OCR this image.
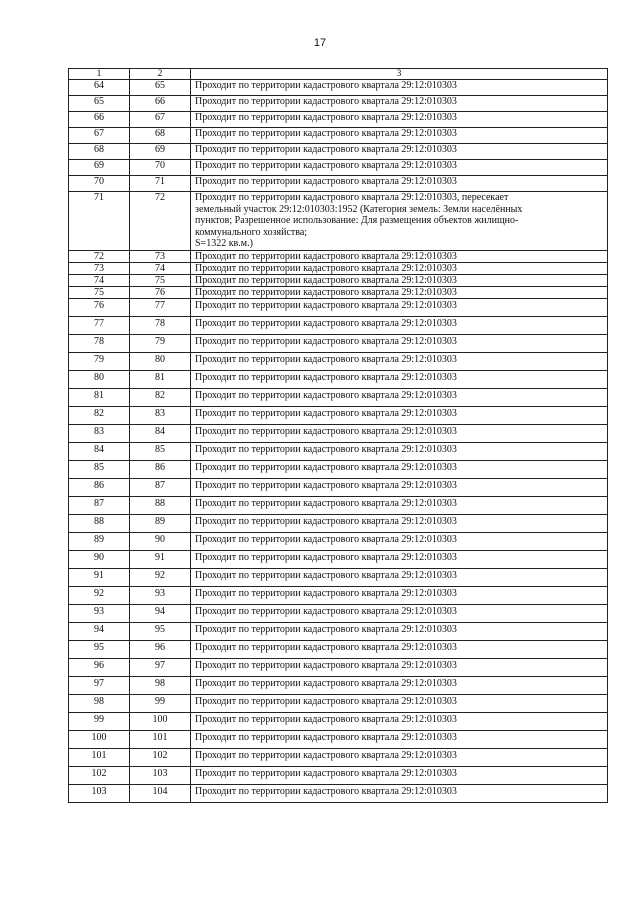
17
1	2	3
64	65	Проходит по территории кадастрового квартала 29:12:010303

65	66	Проходит по территории кадастрового квартала 29:12:010303

66	67	Проходит по территории кадастрового квартала 29:12:010303

67	68	Проходит по территории кадастрового квартала 29:12:010303

68	69	Проходит по территории кадастрового квартала 29:12:010303

69	70	Проходит по территории кадастрового квартала 29:12:010303

70	71	Проходит по территории кадастрового квартала 29:12:010303

71	72	Проходит по территории кадастрового квартала 29:12:010303, пересекает
земельный участок 29:12:010303:1952 (Категория земель: Земли населённых
пунктов; Разрешенное использование: Для размещения объектов жилищно-
коммунального хозяйства;
S=1322 кв.м.)

72	73	Проходит по территории кадастрового квартала 29:12:010303

73	74	Проходит по территории кадастрового квартала 29:12:010303

74	75	Проходит по территории кадастрового квартала 29:12:010303

75	76	Проходит по территории кадастрового квартала 29:12:010303

76	77	Проходит по территории кадастрового квартала 29:12:010303

77	78	Проходит по территории кадастрового квартала 29:12:010303

78	79	Проходит по территории кадастрового квартала 29:12:010303

79	80	Проходит по территории кадастрового квартала 29:12:010303

80	81	Проходит по территории кадастрового квартала 29:12:010303

81	82	Проходит по территории кадастрового квартала 29:12:010303

82	83	Проходит по территории кадастрового квартала 29:12:010303

83	84	Проходит по территории кадастрового квартала 29:12:010303

84	85	Проходит по территории кадастрового квартала 29:12:010303

85	86	Проходит по территории кадастрового квартала 29:12:010303

86	87	Проходит по территории кадастрового квартала 29:12:010303

87	88	Проходит по территории кадастрового квартала 29:12:010303

88	89	Проходит по территории кадастрового квартала 29:12:010303

89	90	Проходит по территории кадастрового квартала 29:12:010303

90	91	Проходит по территории кадастрового квартала 29:12:010303

91	92	Проходит по территории кадастрового квартала 29:12:010303

92	93	Проходит по территории кадастрового квартала 29:12:010303

93	94	Проходит по территории кадастрового квартала 29:12:010303

94	95	Проходит по территории кадастрового квартала 29:12:010303

95	96	Проходит по территории кадастрового квартала 29:12:010303

96	97	Проходит по территории кадастрового квартала 29:12:010303

97	98	Проходит по территории кадастрового квартала 29:12:010303

98	99	Проходит по территории кадастрового квартала 29:12:010303

99	100	Проходит по территории кадастрового квартала 29:12:010303

100	101	Проходит по территории кадастрового квартала 29:12:010303

101	102	Проходит по территории кадастрового квартала 29:12:010303

102	103	Проходит по территории кадастрового квартала 29:12:010303

103	104	Проходит по территории кадастрового квартала 29:12:010303
